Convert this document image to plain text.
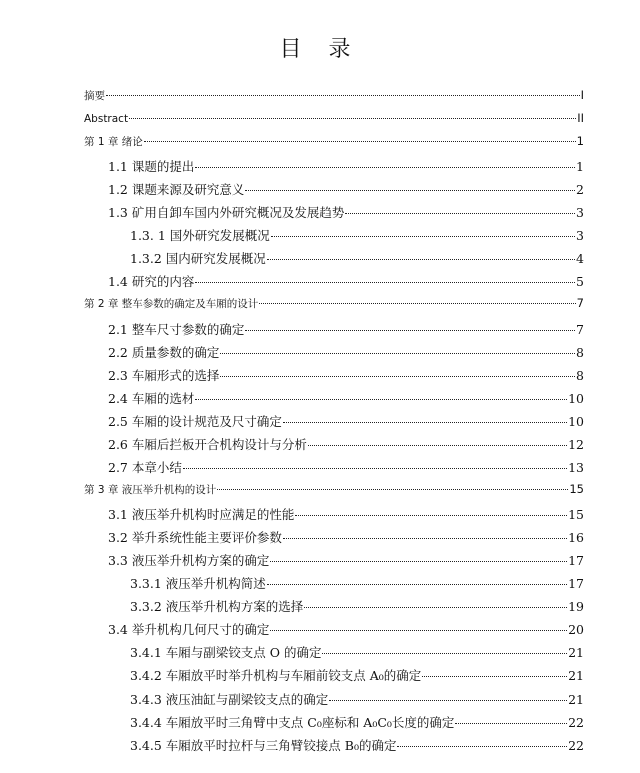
目 录
摘要	I
Abstract	II
第 1 章 绪论	1
1.1 课题的提出	1
1.2 课题来源及研究意义	2
1.3 矿用自卸车国内外研究概况及发展趋势	3
1.3. 1 国外研究发展概况	3
1.3.2 国内研究发展概况	4
1.4 研究的内容	5
第 2 章 整车参数的确定及车厢的设计	7
2.1 整车尺寸参数的确定	7
2.2 质量参数的确定	8
2.3 车厢形式的选择	8
2.4 车厢的选材	10
2.5 车厢的设计规范及尺寸确定	10
2.6 车厢后拦板开合机构设计与分析	12
2.7 本章小结	13
第 3 章 液压举升机构的设计	15
3.1 液压举升机构时应满足的性能	15
3.2 举升系统性能主要评价参数	16
3.3 液压举升机构方案的确定	17
3.3.1 液压举升机构简述	17
3.3.2 液压举升机构方案的选择	19
3.4 举升机构几何尺寸的确定	20
3.4.1 车厢与副梁铰支点 O 的确定	21
3.4.2 车厢放平时举升机构与车厢前铰支点 A₀的确定	21
3.4.3 液压油缸与副梁铰支点的确定	21
3.4.4 车厢放平时三角臂中支点 C₀座标和 A₀C₀长度的确定	22
3.4.5 车厢放平时拉杆与三角臂铰接点 B₀的确定	22
